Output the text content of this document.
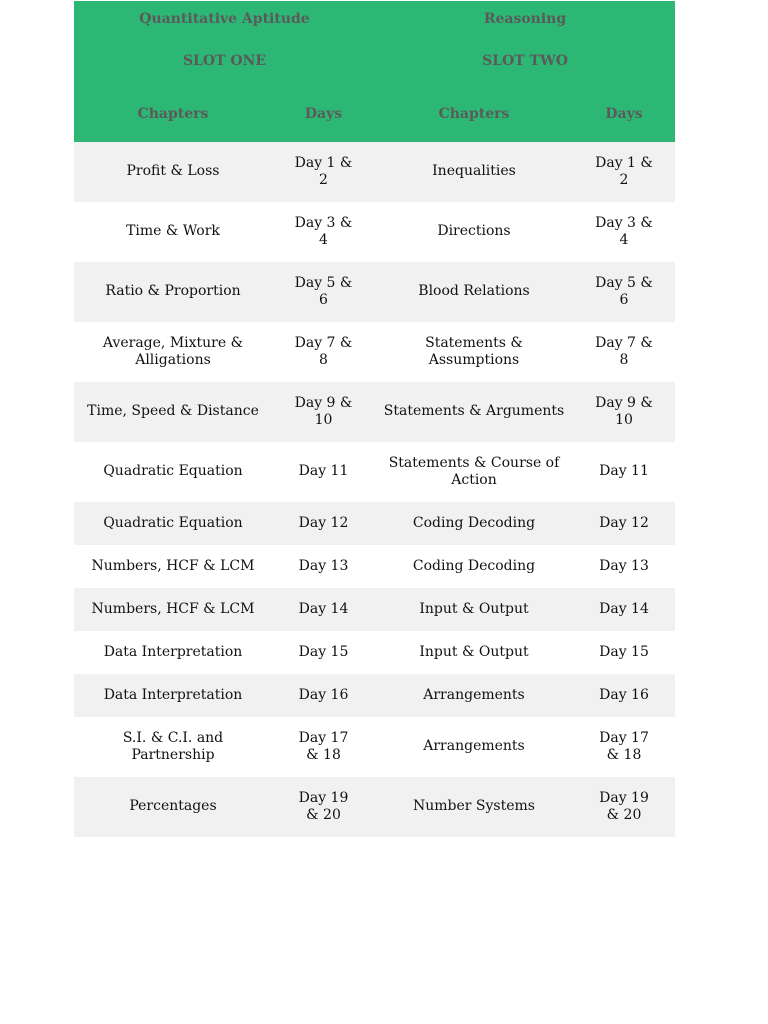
Quantitative Aptitude		Reasoning	
SLOT ONE		SLOT TWO	
Chapters	Days	Chapters	Days
Profit & Loss	Day 1 & 2	Inequalities	Day 1 & 2
Time & Work	Day 3 & 4	Directions	Day 3 & 4
Ratio & Proportion	Day 5 & 6	Blood Relations	Day 5 & 6
Average, Mixture & Alligations	Day 7 & 8	Statements & Assumptions	Day 7 & 8
Time, Speed & Distance	Day 9 & 10	Statements & Arguments	Day 9 & 10
Quadratic Equation	Day 11	Statements & Course of Action	Day 11
Quadratic Equation	Day 12	Coding Decoding	Day 12
Numbers, HCF & LCM	Day 13	Coding Decoding	Day 13
Numbers, HCF & LCM	Day 14	Input & Output	Day 14
Data Interpretation	Day 15	Input & Output	Day 15
Data Interpretation	Day 16	Arrangements	Day 16
S.I. & C.I. and Partnership	Day 17 & 18	Arrangements	Day 17 & 18
Percentages	Day 19 & 20	Number Systems	Day 19 & 20
